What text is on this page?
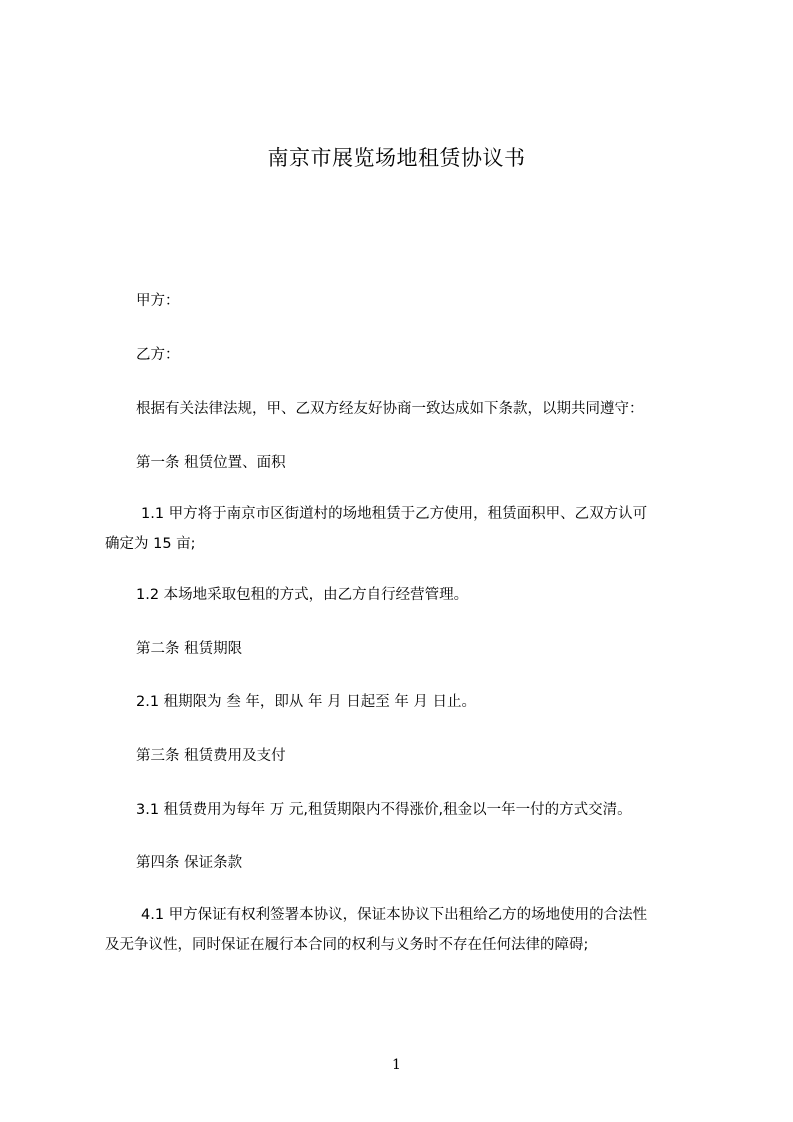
南京市展览场地租赁协议书
甲方：
乙方：
根据有关法律法规，甲、乙双方经友好协商一致达成如下条款，以期共同遵守：
第一条 租赁位置、面积
1.1 甲方将于南京市区街道村的场地租赁于乙方使用，租赁面积甲、乙双方认可
确定为 15 亩;
1.2 本场地采取包租的方式，由乙方自行经营管理。
第二条 租赁期限
2.1 租期限为 叁 年，即从 年 月 日起至 年 月 日止。
第三条 租赁费用及支付
3.1 租赁费用为每年 万 元,租赁期限内不得涨价,租金以一年一付的方式交清。
第四条 保证条款
4.1 甲方保证有权利签署本协议，保证本协议下出租给乙方的场地使用的合法性
及无争议性，同时保证在履行本合同的权利与义务时不存在任何法律的障碍;
1
